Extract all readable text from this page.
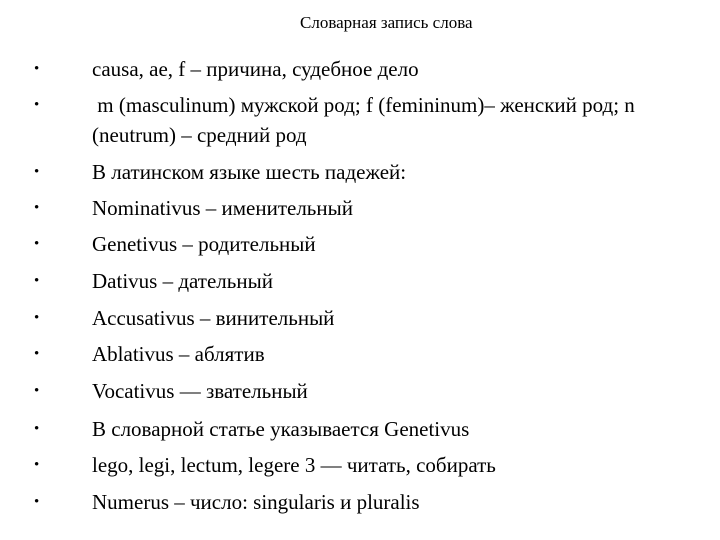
Словарная запись слова
•	causa, ae, f – причина, судебное дело
•	m (masculinum) мужской род; f (femininum)– женский род; n (neutrum) – средний род
•	В латинском языке шесть падежей:
•	Nominativus – именительный
•	Genetivus – родительный
•	Dativus – дательный
•	Accusativus – винительный
•	Ablativus – аблятив
•	Vocativus — звательный
•	В словарной статье указывается Genetivus
•	lego, legi, lectum, legere 3 — читать, собирать
•	Numerus – число: singularis и pluralis
